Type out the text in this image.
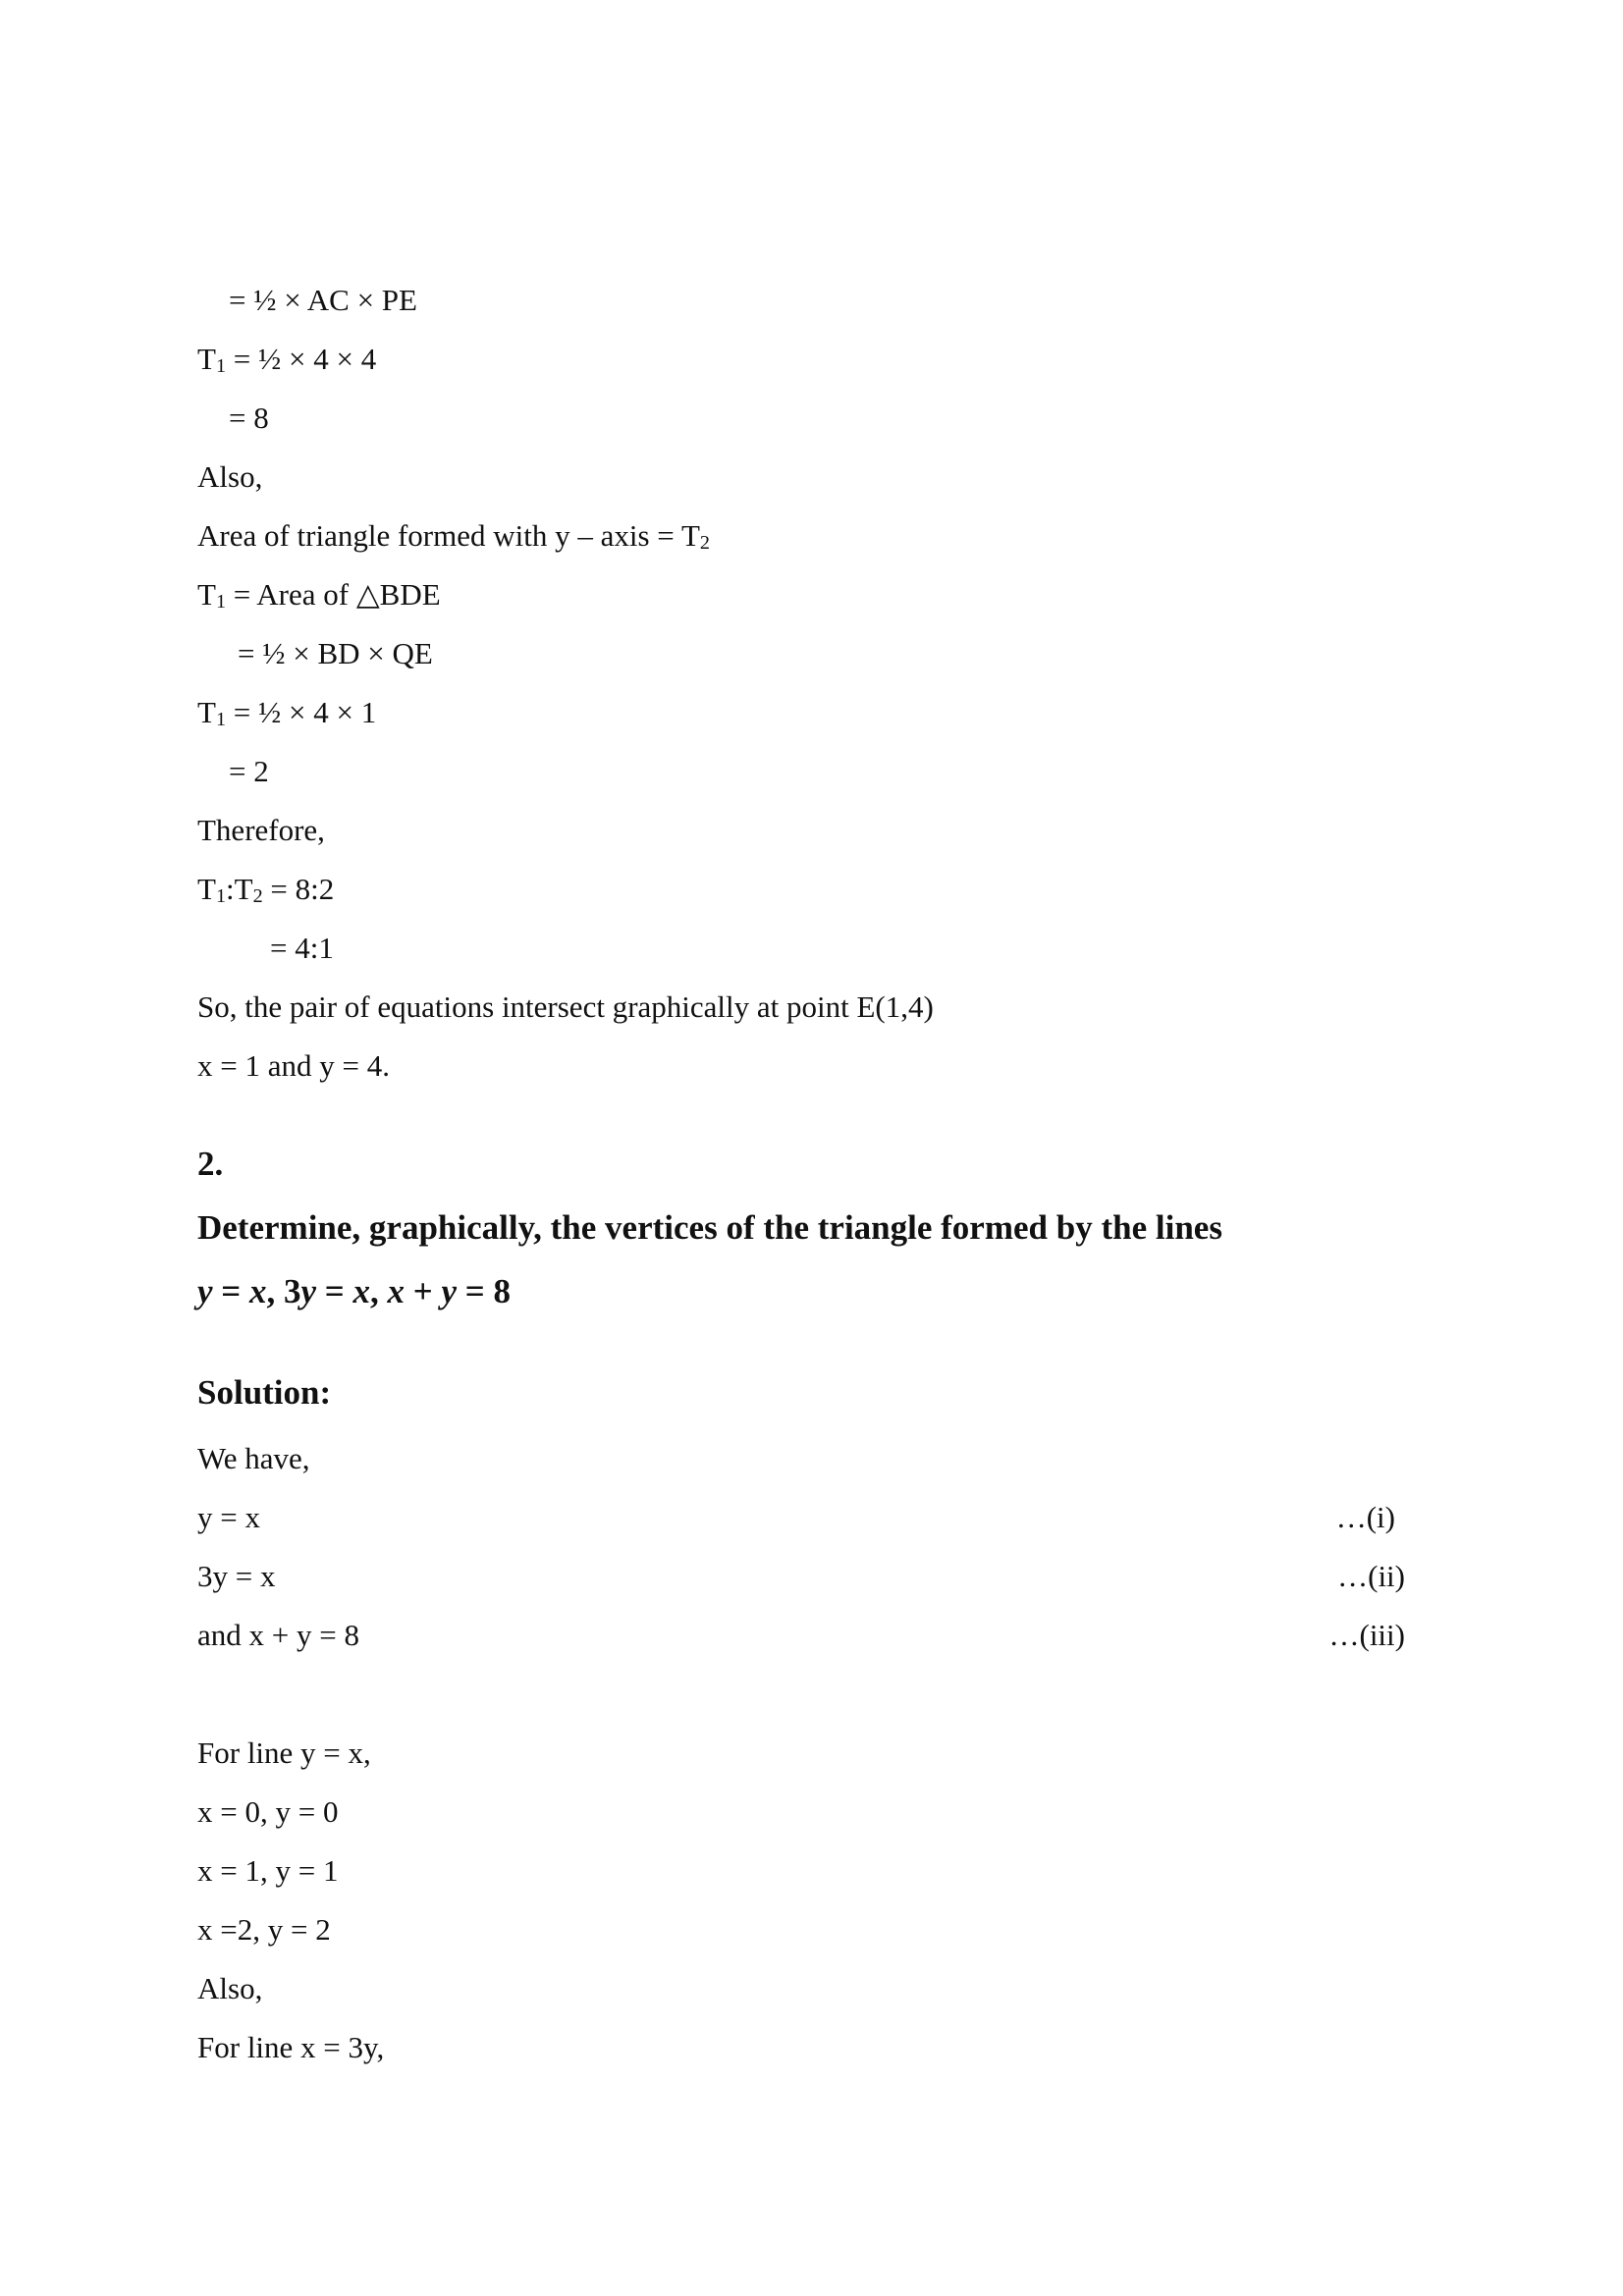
= ½ × AC × PE
$T_1$ = ½ × 4 × 4
= 8
Also,
Area of triangle formed with y – axis = $T_2$
$T_1$ = Area of △BDE
= ½ × BD × QE
$T_1$ = ½ × 4 × 1
= 2
Therefore,
$T_1:T_2$ = 8:2
= 4:1
So, the pair of equations intersect graphically at point E(1,4)
x = 1 and y = 4.
2.
Determine, graphically, the vertices of the triangle formed by the lines
y = x, 3y = x, x + y = 8
Solution:
We have,
y = x	…(i)
3y = x	…(ii)
and x + y = 8	…(iii)
For line y = x,
x = 0, y = 0
x = 1, y = 1
x =2, y = 2
Also,
For line x = 3y,
